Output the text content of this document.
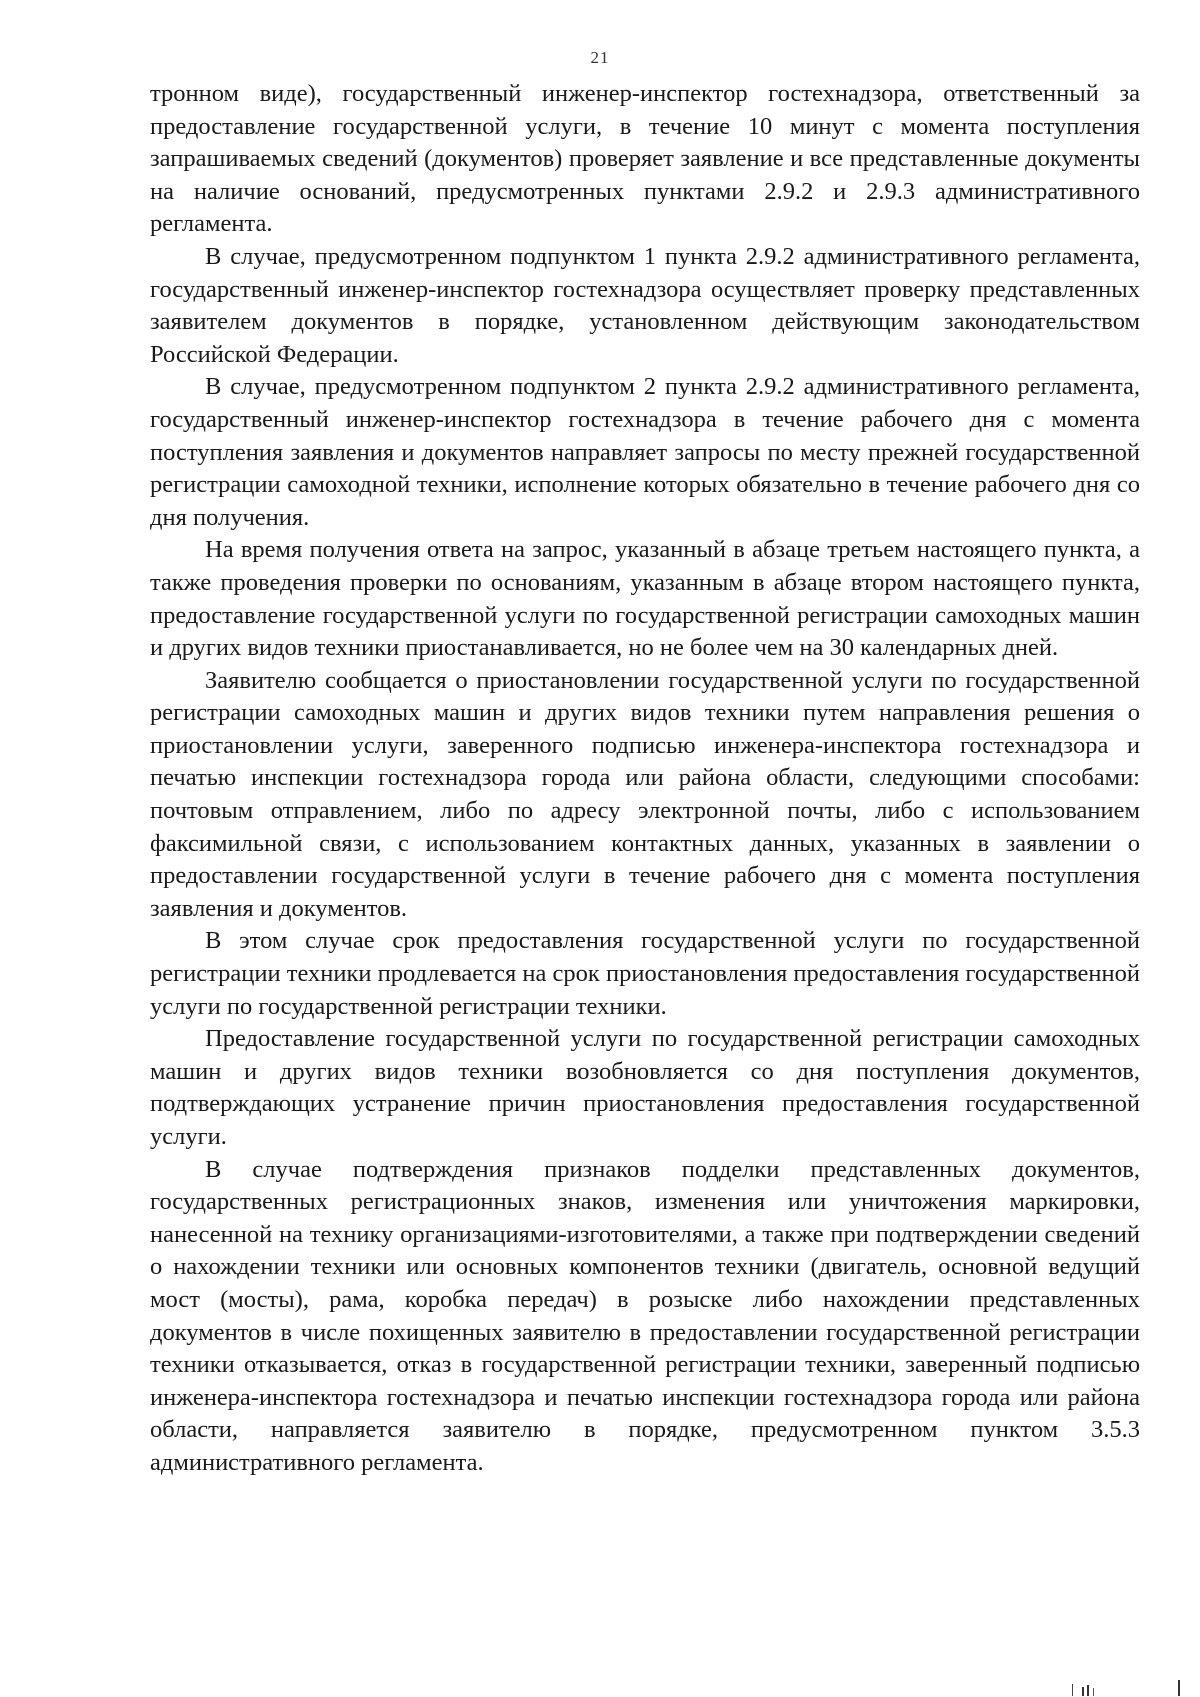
21

тронном виде), государственный инженер-инспектор гостехнадзора, ответственный за предоставление государственной услуги, в течение 10 минут с момента поступления запрашиваемых сведений (документов) проверяет заявление и все представленные документы на наличие оснований, предусмотренных пунктами 2.9.2 и 2.9.3 административного регламента.

В случае, предусмотренном подпунктом 1 пункта 2.9.2 административного регламента, государственный инженер-инспектор гостехнадзора осуществляет проверку представленных заявителем документов в порядке, установленном действующим законодательством Российской Федерации.

В случае, предусмотренном подпунктом 2 пункта 2.9.2 административного регламента, государственный инженер-инспектор гостехнадзора в течение рабочего дня с момента поступления заявления и документов направляет запросы по месту прежней государственной регистрации самоходной техники, исполнение которых обязательно в течение рабочего дня со дня получения.

На время получения ответа на запрос, указанный в абзаце третьем настоящего пункта, а также проведения проверки по основаниям, указанным в абзаце втором настоящего пункта, предоставление государственной услуги по государственной регистрации самоходных машин и других видов техники приостанавливается, но не более чем на 30 календарных дней.

Заявителю сообщается о приостановлении государственной услуги по государственной регистрации самоходных машин и других видов техники путем направления решения о приостановлении услуги, заверенного подписью инженера-инспектора гостехнадзора и печатью инспекции гостехнадзора города или района области, следующими способами: почтовым отправлением, либо по адресу электронной почты, либо с использованием факсимильной связи, с использованием контактных данных, указанных в заявлении о предоставлении государственной услуги в течение рабочего дня с момента поступления заявления и документов.

В этом случае срок предоставления государственной услуги по государственной регистрации техники продлевается на срок приостановления предоставления государственной услуги по государственной регистрации техники.

Предоставление государственной услуги по государственной регистрации самоходных машин и других видов техники возобновляется со дня поступления документов, подтверждающих устранение причин приостановления предоставления государственной услуги.

В случае подтверждения признаков подделки представленных документов, государственных регистрационных знаков, изменения или уничтожения маркировки, нанесенной на технику организациями-изготовителями, а также при подтверждении сведений о нахождении техники или основных компонентов техники (двигатель, основной ведущий мост (мосты), рама, коробка передач) в розыске либо нахождении представленных документов в числе похищенных заявителю в предоставлении государственной регистрации техники отказывается, отказ в государственной регистрации техники, заверенный подписью инженера-инспектора гостехнадзора и печатью инспекции гостехнадзора города или района области, направляется заявителю в порядке, предусмотренном пунктом 3.5.3 административного регламента.
